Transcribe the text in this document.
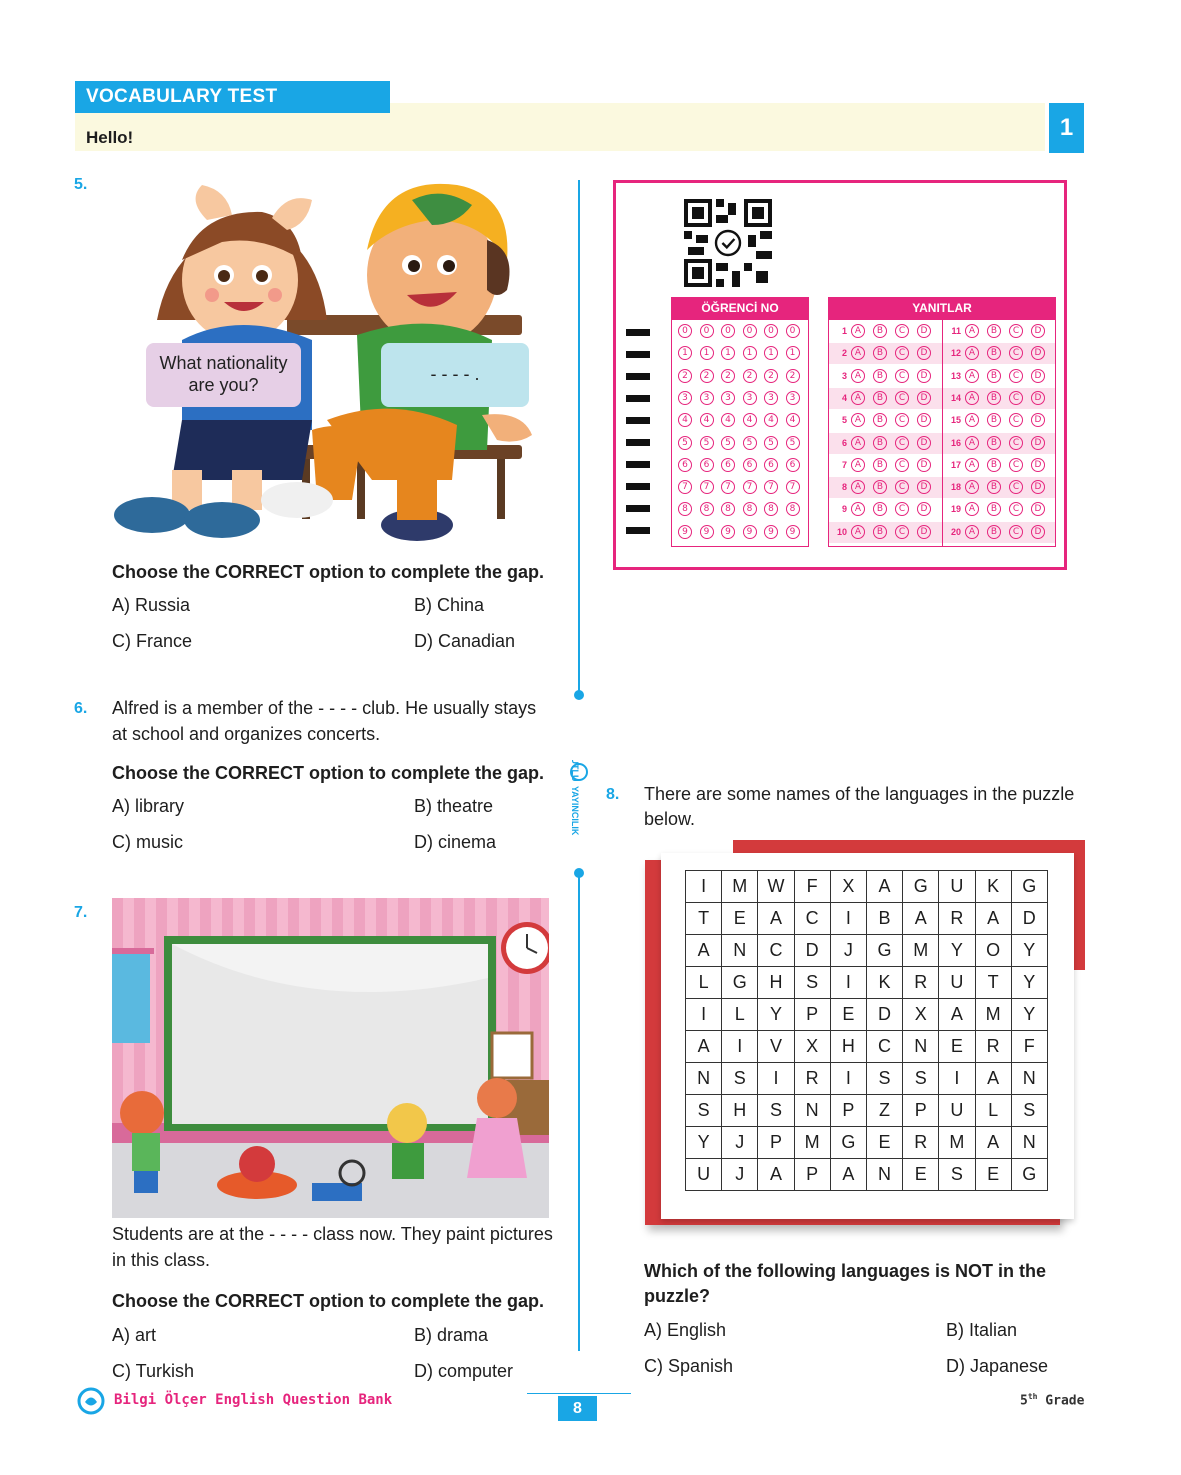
VOCABULARY TEST
Hello!	1
5.
What nationality are you?
- - - - .
Choose the CORRECT option to complete the gap.
A) Russia	B) China
C) France	D) Canadian
6. Alfred is a member of the - - - - club. He usually stays
at school and organizes concerts.
Choose the CORRECT option to complete the gap.
A) library	B) theatre
C) music	D) cinema
7.
Students are at the - - - - class now. They paint pictures
in this class.
Choose the CORRECT option to complete the gap.
A) art	B) drama
C) Turkish	D) computer
MUTLU
YAYINCILIK
ÖĞRENCİ NO
0	0	0	0	0	0
1	1	1	1	1	1
2	2	2	2	2	2
3	3	3	3	3	3
4	4	4	4	4	4
5	5	5	5	5	5
6	6	6	6	6	6
7	7	7	7	7	7
8	8	8	8	8	8
9	9	9	9	9	9
YANITLAR
1 A	B	C	D	11 A	B	C	D
2 A	B	C	D	12 A	B	C	D
3 A	B	C	D	13 A	B	C	D
4 A	B	C	D	14 A	B	C	D
5 A	B	C	D	15 A	B	C	D
6 A	B	C	D	16 A	B	C	D
7 A	B	C	D	17 A	B	C	D
8 A	B	C	D	18 A	B	C	D
9 A	B	C	D	19 A	B	C	D
10 A	B	C	D	20 A	B	C	D
8. There are some names of the languages in the puzzle
below.
I	M	W	F	X	A	G	U	K	G
T	E	A	C	I	B	A	R	A	D
A	N	C	D	J	G	M	Y	O	Y
L	G	H	S	I	K	R	U	T	Y
I	L	Y	P	E	D	X	A	M	Y
A	I	V	X	H	C	N	E	R	F
N	S	I	R	I	S	S	I	A	N
S	H	S	N	P	Z	P	U	L	S
Y	J	P	M	G	E	R	M	A	N
U	J	A	P	A	N	E	S	E	G
Which of the following languages is NOT in the
puzzle?
A) English	B) Italian
C) Spanish	D) Japanese
Bilgi Ölçer English Question Bank	8	5th Grade
